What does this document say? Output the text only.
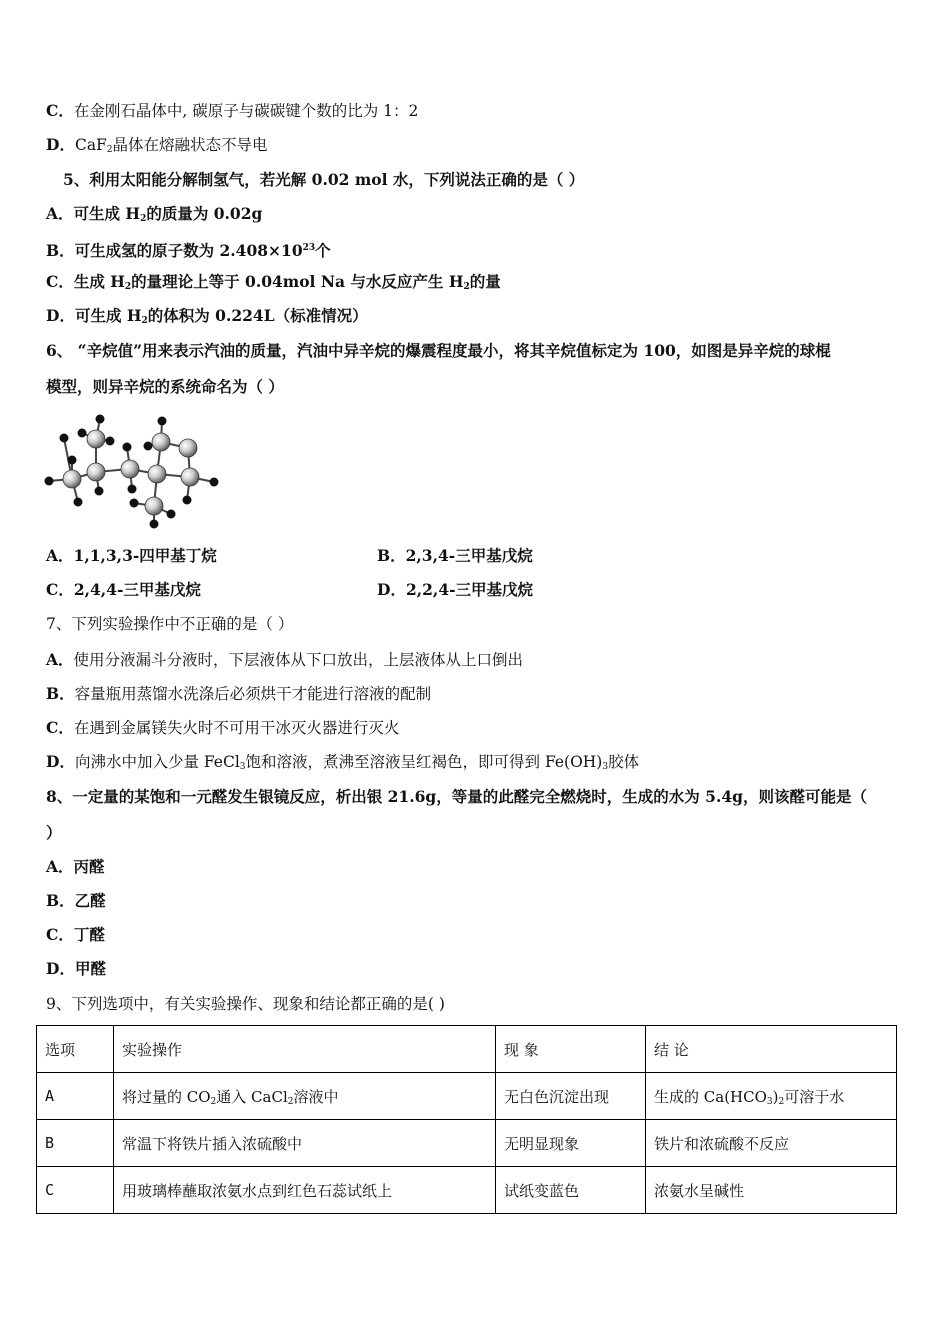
C．在金刚石晶体中, 碳原子与碳碳键个数的比为 1：2
D．CaF$_2$晶体在熔融状态不导电
5、利用太阳能分解制氢气，若光解 0.02 mol 水，下列说法正确的是（ ）
A．可生成 $H_2$的质量为 0.02g
B．可生成氢的原子数为 $2.408\times 10^{23}$个
C．生成 $H_2$的量理论上等于 0.04mol Na 与水反应产生 $H_2$的量
D．可生成 $H_2$的体积为 0.224L（标准情况）
6、 “辛烷值”用来表示汽油的质量，汽油中异辛烷的爆震程度最小，将其辛烷值标定为 100，如图是异辛烷的球棍
模型，则异辛烷的系统命名为（ ）
A．1,1,3,3-四甲基丁烷	B．2,3,4-三甲基戊烷
C．2,4,4-三甲基戊烷	D．2,2,4-三甲基戊烷
7、下列实验操作中不正确的是（ ）
A．使用分液漏斗分液时，下层液体从下口放出，上层液体从上口倒出
B．容量瓶用蒸馏水洗涤后必须烘干才能进行溶液的配制
C．在遇到金属镁失火时不可用干冰灭火器进行灭火
D．向沸水中加入少量 FeCl$_3$饱和溶液，煮沸至溶液呈红褐色，即可得到 $Fe(OH)_3$胶体
8、一定量的某饱和一元醛发生银镜反应，析出银 21.6g，等量的此醛完全燃烧时，生成的水为 5.4g，则该醛可能是（
）
A．丙醛
B．乙醛
C．丁醛
D．甲醛
9、下列选项中，有关实验操作、现象和结论都正确的是( )
选项	实验操作	现 象	结 论
A	将过量的 $CO_2$通入 CaCl$_2$溶液中	无白色沉淀出现	生成的 $Ca(HCO_3)_2$可溶于水
B	常温下将铁片插入浓硫酸中	无明显现象	铁片和浓硫酸不反应
C	用玻璃棒蘸取浓氨水点到红色石蕊试纸上	试纸变蓝色	浓氨水呈碱性
